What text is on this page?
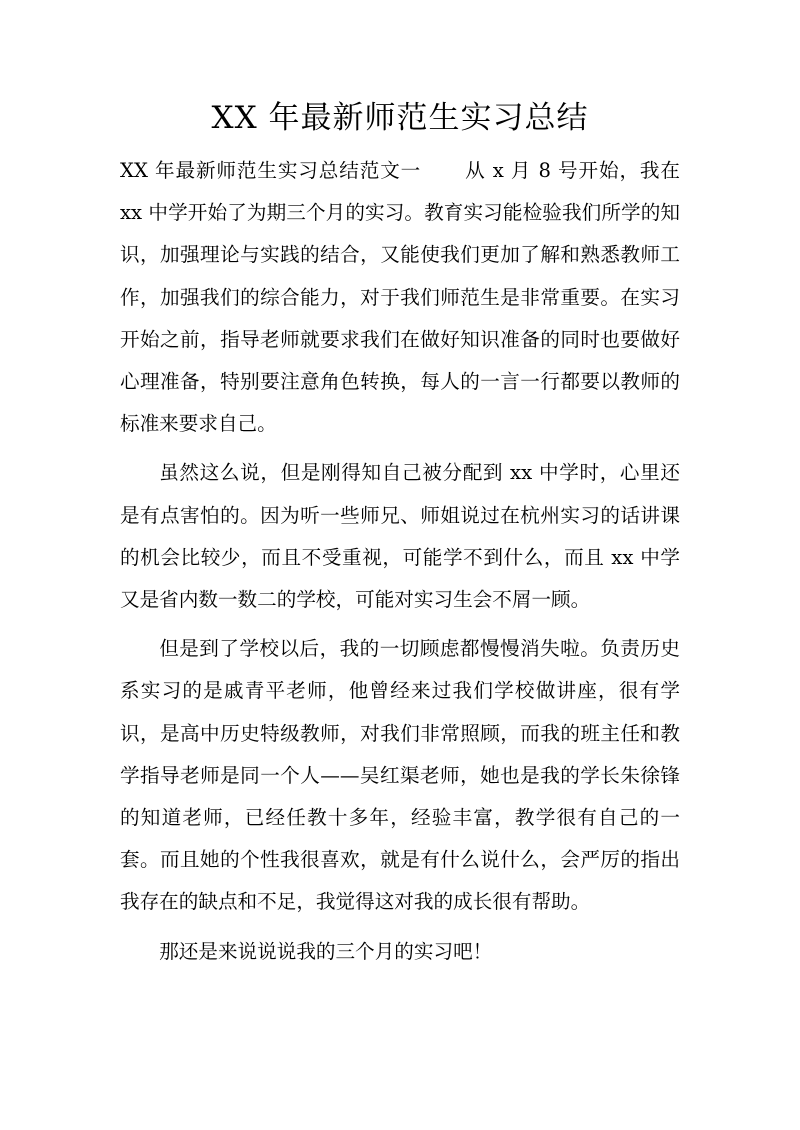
XX 年最新师范生实习总结

XX 年最新师范生实习总结范文一 从 x 月 8 号开始，我在 xx 中学开始了为期三个月的实习。教育实习能检验我们所学的知识，加强理论与实践的结合，又能使我们更加了解和熟悉教师工作，加强我们的综合能力，对于我们师范生是非常重要。在实习开始之前，指导老师就要求我们在做好知识准备的同时也要做好心理准备，特别要注意角色转换，每人的一言一行都要以教师的标准来要求自己。

虽然这么说，但是刚得知自己被分配到 xx 中学时，心里还是有点害怕的。因为听一些师兄、师姐说过在杭州实习的话讲课的机会比较少，而且不受重视，可能学不到什么，而且 xx 中学又是省内数一数二的学校，可能对实习生会不屑一顾。

但是到了学校以后，我的一切顾虑都慢慢消失啦。负责历史系实习的是戚青平老师，他曾经来过我们学校做讲座，很有学识，是高中历史特级教师，对我们非常照顾，而我的班主任和教学指导老师是同一个人——吴红渠老师，她也是我的学长朱徐锋的知道老师，已经任教十多年，经验丰富，教学很有自己的一套。而且她的个性我很喜欢，就是有什么说什么，会严厉的指出我存在的缺点和不足，我觉得这对我的成长很有帮助。

那还是来说说说我的三个月的实习吧！
